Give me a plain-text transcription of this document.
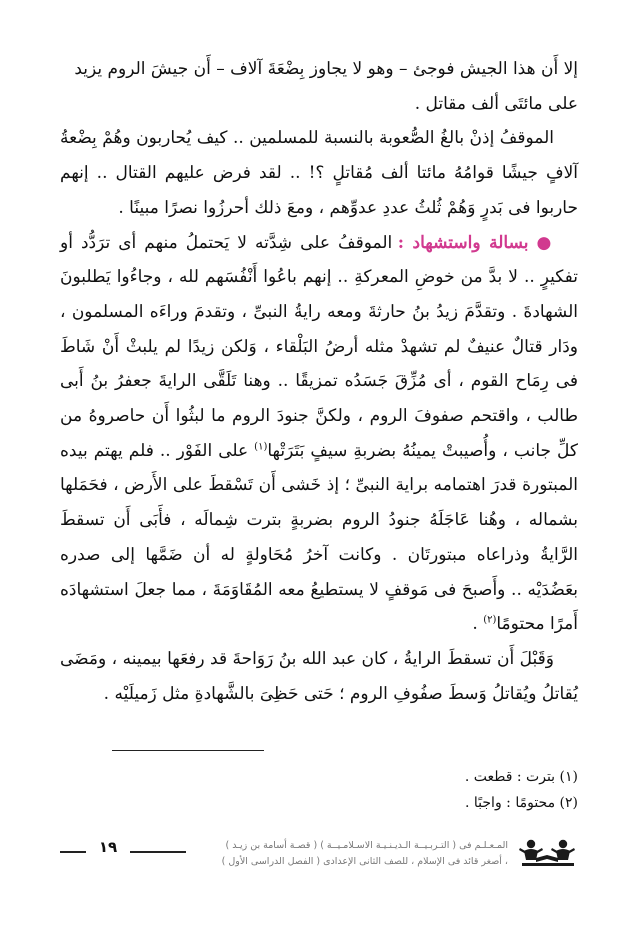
إلا أَن هذا الجيش فوجئ – وهو لا يجاوز بِضْعَةَ آلاف – أَن جيشَ الروم يزيد
على مائتَى ألف مقاتل .

الموقفُ إذنْ بالغُ الصُّعوبة بالنسبة للمسلمين .. كيف يُحاربون وهُمْ بِضْعةُ آلافٍ جيشًا قوامُهُ مائتا ألف مُقاتلٍ ؟! .. لقد فرض عليهم القتال .. إنهم حاربوا فى بَدرٍ وَهُمْ ثُلثُ عددِ عدوِّهم ، ومعَ ذلك أحرزُوا نصرًا مبينًا .

● بسالة واستشهاد : الموقفُ على شِدَّته لا يَحتملُ منهم أى ترَدُّد أو تفكيرٍ .. لا بدَّ من خوضِ المعركةِ .. إنهم باعُوا أَنْفُسَهم لله ، وجاءُوا يَطلبونَ الشهادةَ . وتقدَّمَ زيدُ بنُ حارثةَ ومعه رايةُ النبىِّ ، وتقدمَ وراءَه المسلمون ، ودَار قتالٌ عنيفٌ لم تشهدْ مثله أرضُ البَلْقاء ، وَلكن زيدًا لم يلبثْ أَنْ شَاطَ فى رِمَاح القوم ، أى مُزِّقَ جَسَدُه تمزيقًا .. وهنا تَلَقَّى الرايةَ جعفرُ بنُ أَبى طالب ، واقتحم صفوفَ الروم ، ولكنَّ جنودَ الروم ما لبثُوا أَن حاصروهُ من كلِّ جانب ، وأُصيبتْ يمينُهُ بضربةِ سيفٍ بَتَرَتْها$^{(١)}$ على الفَوْر .. فلم يهتم بيده المبتورة قدرَ اهتمامه براية النبىِّ ؛ إذ خَشى أَن تَسْقطَ على الأَرض ، فحَمَلها بشماله ، وهُنا عَاجَلَهُ جنودُ الروم بضربةٍ بترت شِمالَه ، فأَبَى أَن تسقطَ الرَّايةُ وذراعاه مبتورتَان . وكانت آخرُ مُحَاولةٍ له أن ضَمَّها إلى صدره بعَضُدَيْه .. وأَصبحَ فى مَوقفٍ لا يستطيعُ معه المُقَاوَمَةَ ، مما جعلَ استشهادَه أَمرًا محتومًا$^{(٢)}$ .

وَقَبْلَ أَن تسقطَ الرايةُ ، كان عبد الله بنُ رَوَاحةَ قد رفعَها بيمينه ، ومَضَى يُقاتلُ ويُقاتلُ وَسطَ صفُوفِ الروم ؛ حَتى حَظِىَ بالشَّهادةِ مثل زَميلَيْه .

(١) بترت : قطعت .
(٢) محتومًا : واجبًا .
المـعـلـم فى ( التـربـيــة الـديـنـيـة الاسـلامـيــة ) ( قصـة أسامة بن زيـد )
، أصغر قائد فى الإسلام ، للصف الثانى الإعدادى ( الفصل الدراسى الأول )
١٩
